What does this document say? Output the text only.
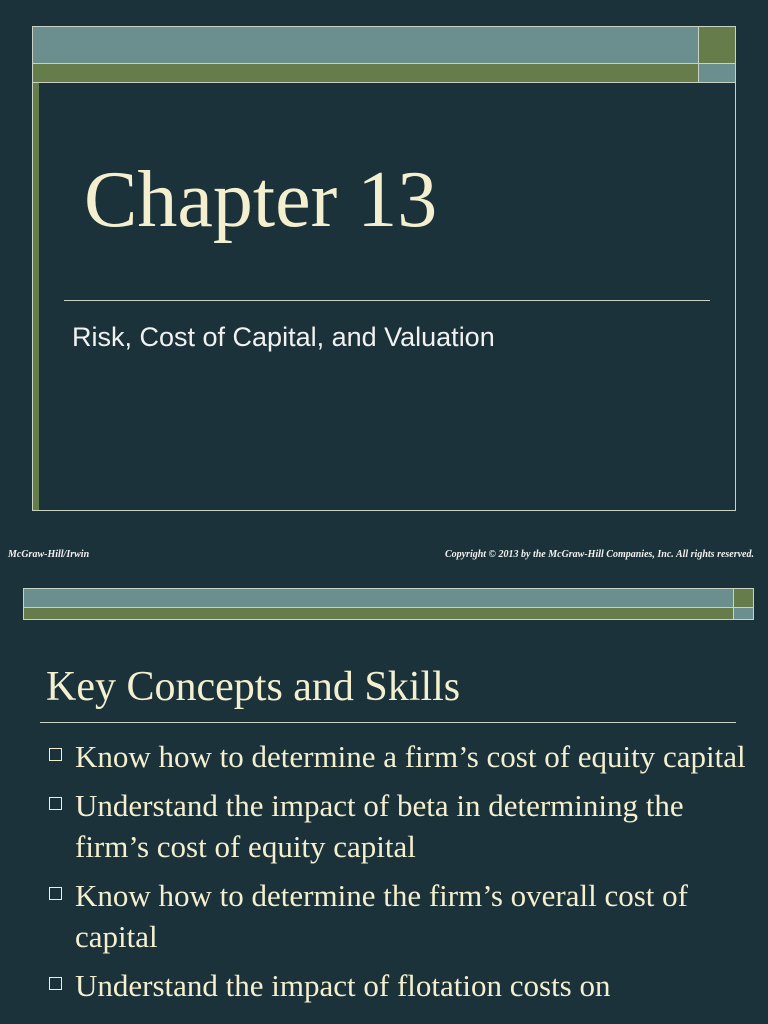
Chapter 13
Risk, Cost of Capital, and Valuation
McGraw-Hill/Irwin	Copyright © 2013 by the McGraw-Hill Companies, Inc. All rights reserved.
Key Concepts and Skills
Know how to determine a firm’s cost of equity capital
Understand the impact of beta in determining the firm’s cost of equity capital
Know how to determine the firm’s overall cost of capital
Understand the impact of flotation costs on
